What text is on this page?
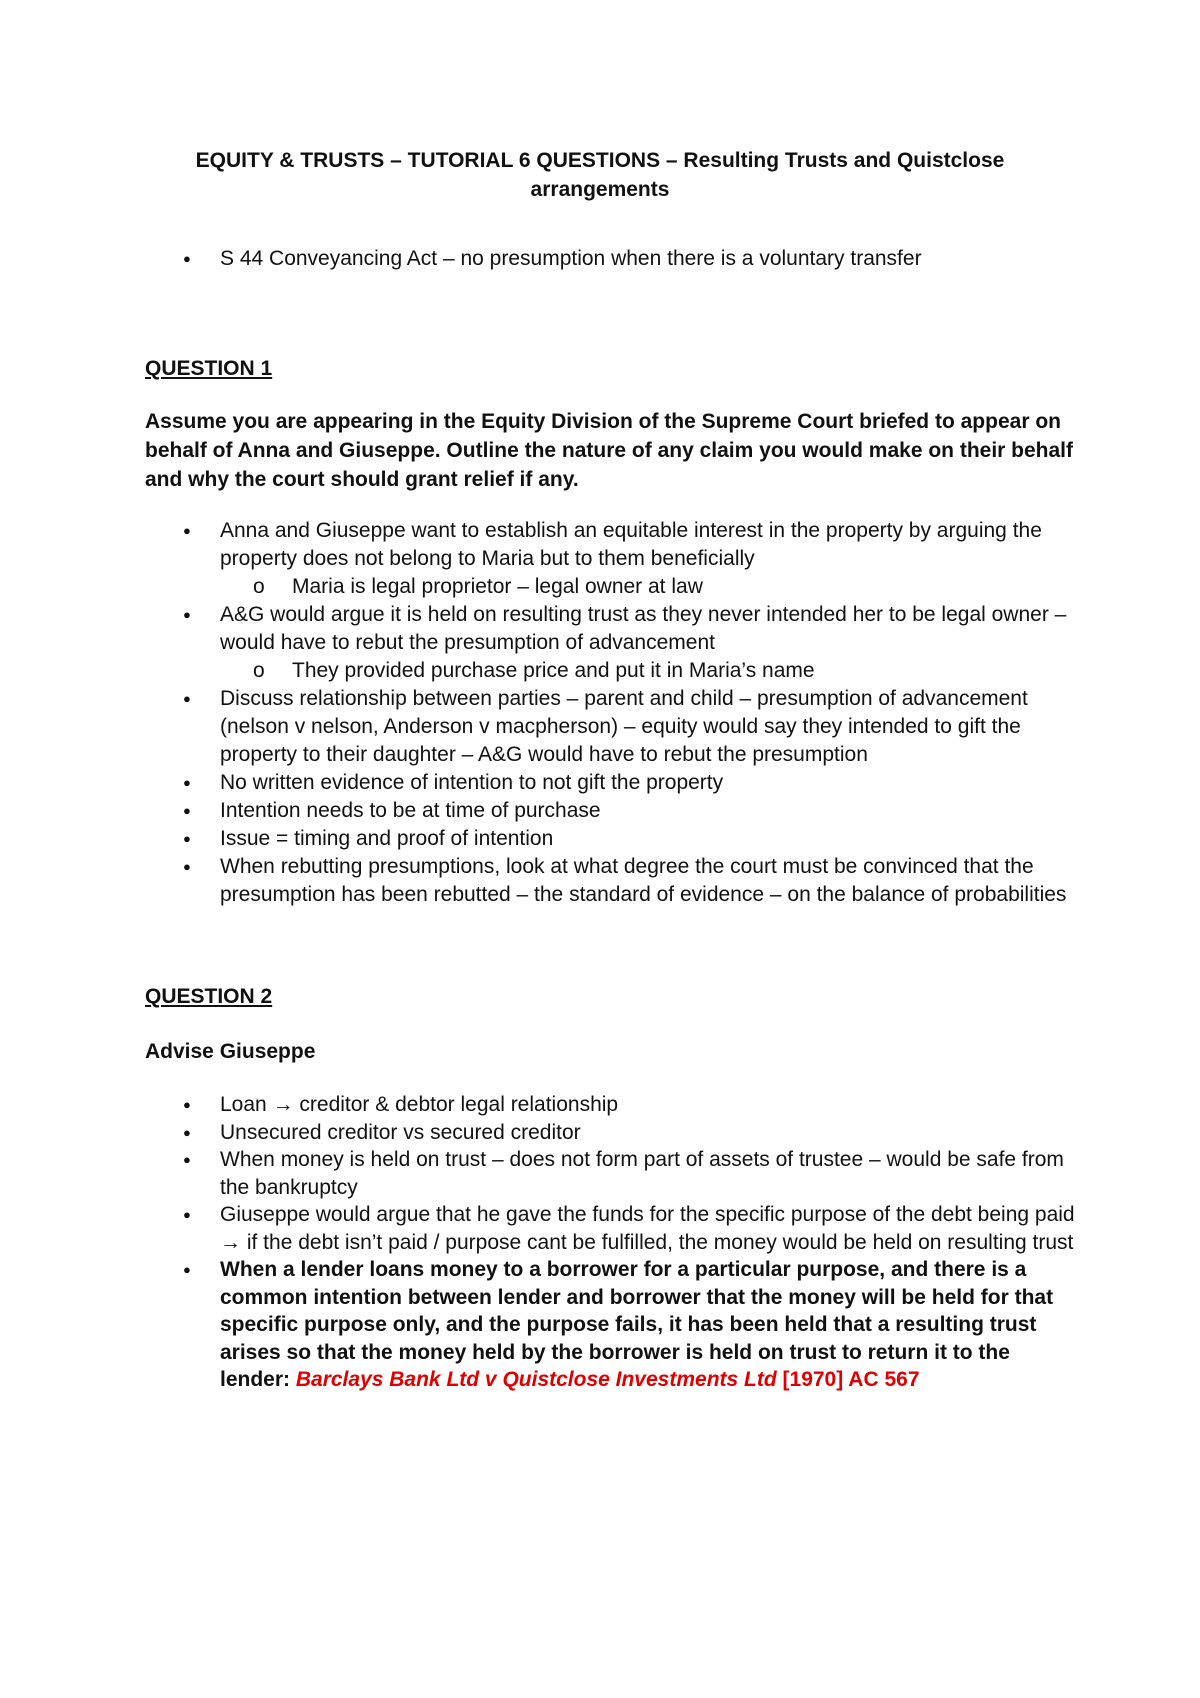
EQUITY & TRUSTS – TUTORIAL 6 QUESTIONS – Resulting Trusts and Quistclose
arrangements
● S 44 Conveyancing Act – no presumption when there is a voluntary transfer
QUESTION 1
Assume you are appearing in the Equity Division of the Supreme Court briefed to appear on behalf of Anna and Giuseppe. Outline the nature of any claim you would make on their behalf and why the court should grant relief if any.
● Anna and Giuseppe want to establish an equitable interest in the property by arguing the property does not belong to Maria but to them beneficially
o Maria is legal proprietor – legal owner at law
● A&G would argue it is held on resulting trust as they never intended her to be legal owner – would have to rebut the presumption of advancement
o They provided purchase price and put it in Maria’s name
● Discuss relationship between parties – parent and child – presumption of advancement (nelson v nelson, Anderson v macpherson) – equity would say they intended to gift the property to their daughter – A&G would have to rebut the presumption
● No written evidence of intention to not gift the property
● Intention needs to be at time of purchase
● Issue = timing and proof of intention
● When rebutting presumptions, look at what degree the court must be convinced that the presumption has been rebutted – the standard of evidence – on the balance of probabilities
QUESTION 2
Advise Giuseppe
● Loan → creditor & debtor legal relationship
● Unsecured creditor vs secured creditor
● When money is held on trust – does not form part of assets of trustee – would be safe from the bankruptcy
● Giuseppe would argue that he gave the funds for the specific purpose of the debt being paid → if the debt isn’t paid / purpose cant be fulfilled, the money would be held on resulting trust
● When a lender loans money to a borrower for a particular purpose, and there is a common intention between lender and borrower that the money will be held for that specific purpose only, and the purpose fails, it has been held that a resulting trust arises so that the money held by the borrower is held on trust to return it to the lender: Barclays Bank Ltd v Quistclose Investments Ltd [1970] AC 567
